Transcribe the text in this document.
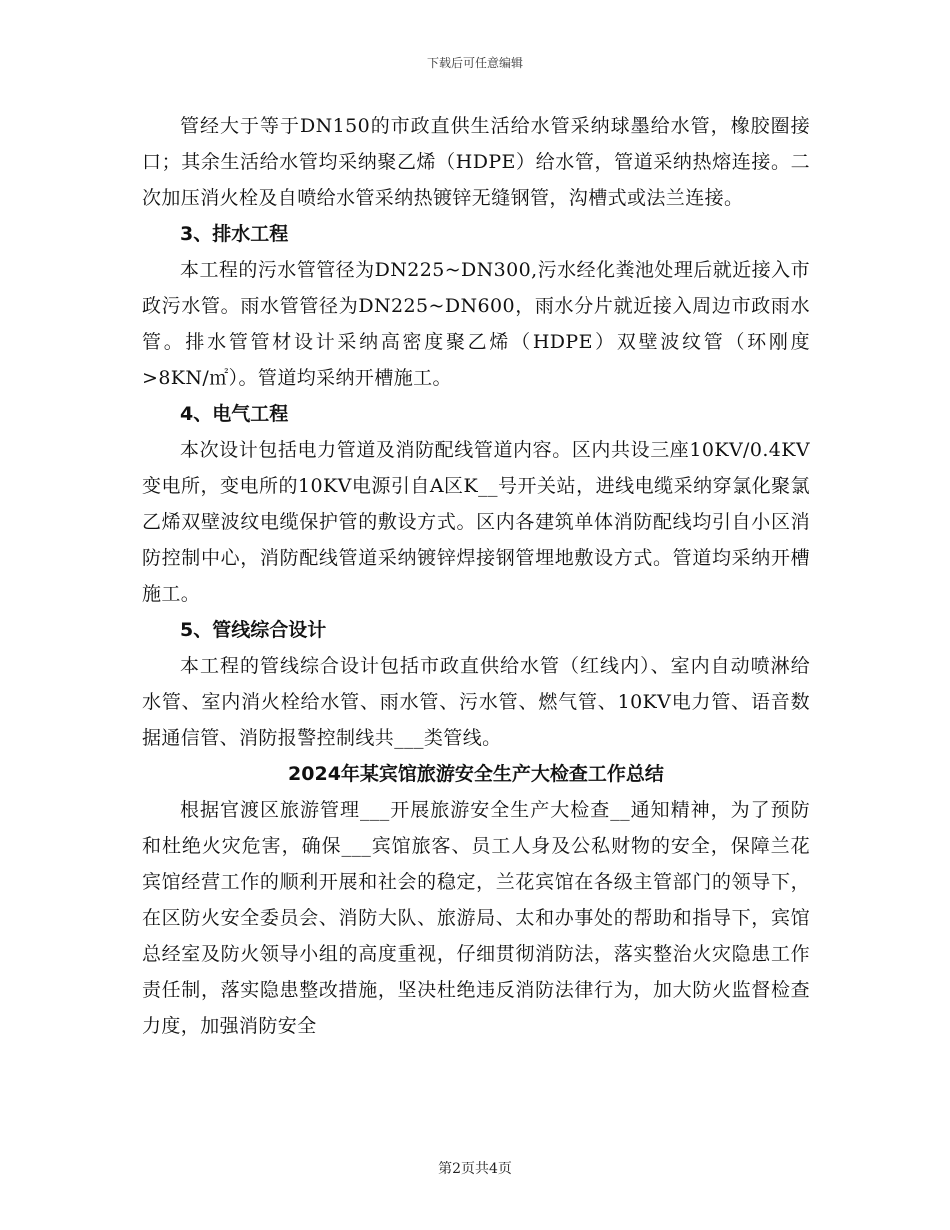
下载后可任意编辑

管经大于等于DN150的市政直供生活给水管采纳球墨给水管，橡胶圈接口；其余生活给水管均采纳聚乙烯（HDPE）给水管，管道采纳热熔连接。二次加压消火栓及自喷给水管采纳热镀锌无缝钢管，沟槽式或法兰连接。

3、排水工程

本工程的污水管管径为DN225~DN300,污水经化粪池处理后就近接入市政污水管。雨水管管径为DN225~DN600，雨水分片就近接入周边市政雨水管。排水管管材设计采纳高密度聚乙烯（HDPE）双壁波纹管（环刚度>8KN/㎡）。管道均采纳开槽施工。

4、电气工程

本次设计包括电力管道及消防配线管道内容。区内共设三座10KV/0.4KV变电所，变电所的10KV电源引自A区K__号开关站，进线电缆采纳穿氯化聚氯乙烯双壁波纹电缆保护管的敷设方式。区内各建筑单体消防配线均引自小区消防控制中心，消防配线管道采纳镀锌焊接钢管埋地敷设方式。管道均采纳开槽施工。

5、管线综合设计

本工程的管线综合设计包括市政直供给水管（红线内）、室内自动喷淋给水管、室内消火栓给水管、雨水管、污水管、燃气管、10KV电力管、语音数据通信管、消防报警控制线共___类管线。

2024年某宾馆旅游安全生产大检查工作总结

根据官渡区旅游管理___开展旅游安全生产大检查__通知精神，为了预防和杜绝火灾危害，确保___宾馆旅客、员工人身及公私财物的安全，保障兰花宾馆经营工作的顺利开展和社会的稳定，兰花宾馆在各级主管部门的领导下，在区防火安全委员会、消防大队、旅游局、太和办事处的帮助和指导下，宾馆总经室及防火领导小组的高度重视，仔细贯彻消防法，落实整治火灾隐患工作责任制，落实隐患整改措施，坚决杜绝违反消防法律行为，加大防火监督检查力度，加强消防安全

第2页共4页
